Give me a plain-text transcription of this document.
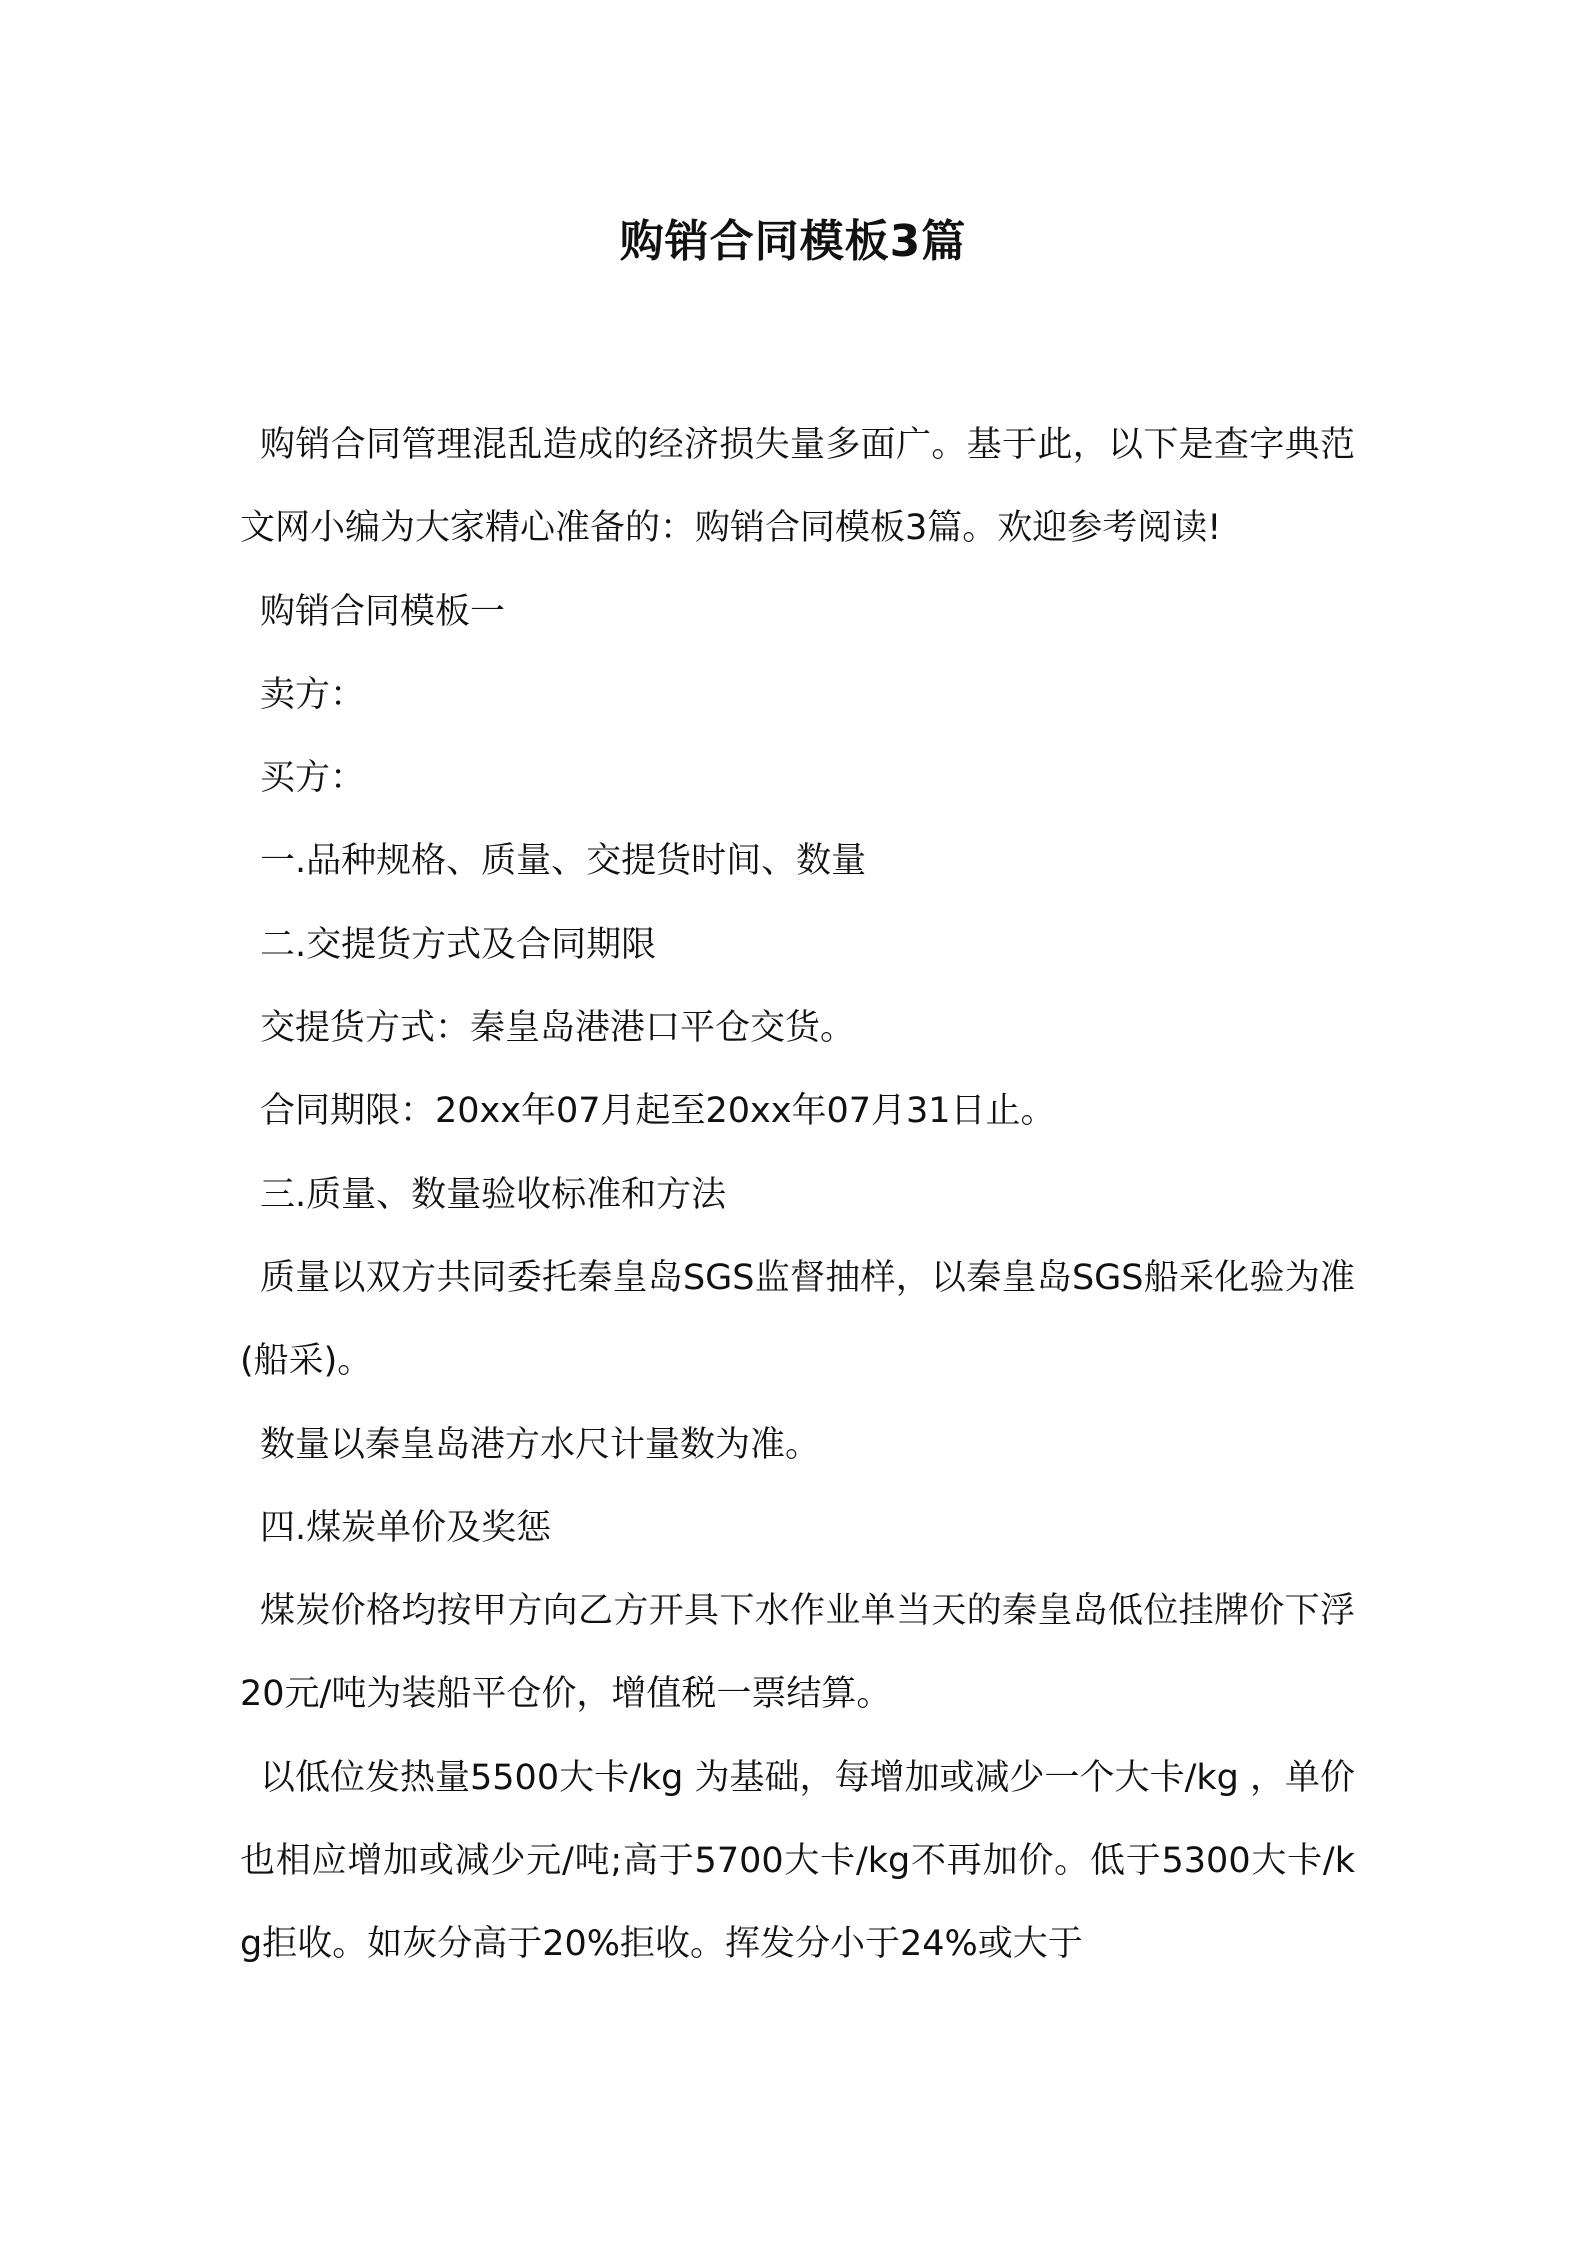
购销合同模板3篇

购销合同管理混乱造成的经济损失量多面广。基于此，以下是查字典范文网小编为大家精心准备的：购销合同模板3篇。欢迎参考阅读!

购销合同模板一

卖方：

买方：

一.品种规格、质量、交提货时间、数量

二.交提货方式及合同期限

交提货方式：秦皇岛港港口平仓交货。

合同期限：20xx年07月起至20xx年07月31日止。

三.质量、数量验收标准和方法

质量以双方共同委托秦皇岛SGS监督抽样，以秦皇岛SGS船采化验为准(船采)。

数量以秦皇岛港方水尺计量数为准。

四.煤炭单价及奖惩

煤炭价格均按甲方向乙方开具下水作业单当天的秦皇岛低位挂牌价下浮20元/吨为装船平仓价，增值税一票结算。

以低位发热量5500大卡/kg 为基础，每增加或减少一个大卡/kg ，单价也相应增加或减少元/吨;高于5700大卡/kg不再加价。低于5300大卡/kg拒收。如灰分高于20%拒收。挥发分小于24%或大于
